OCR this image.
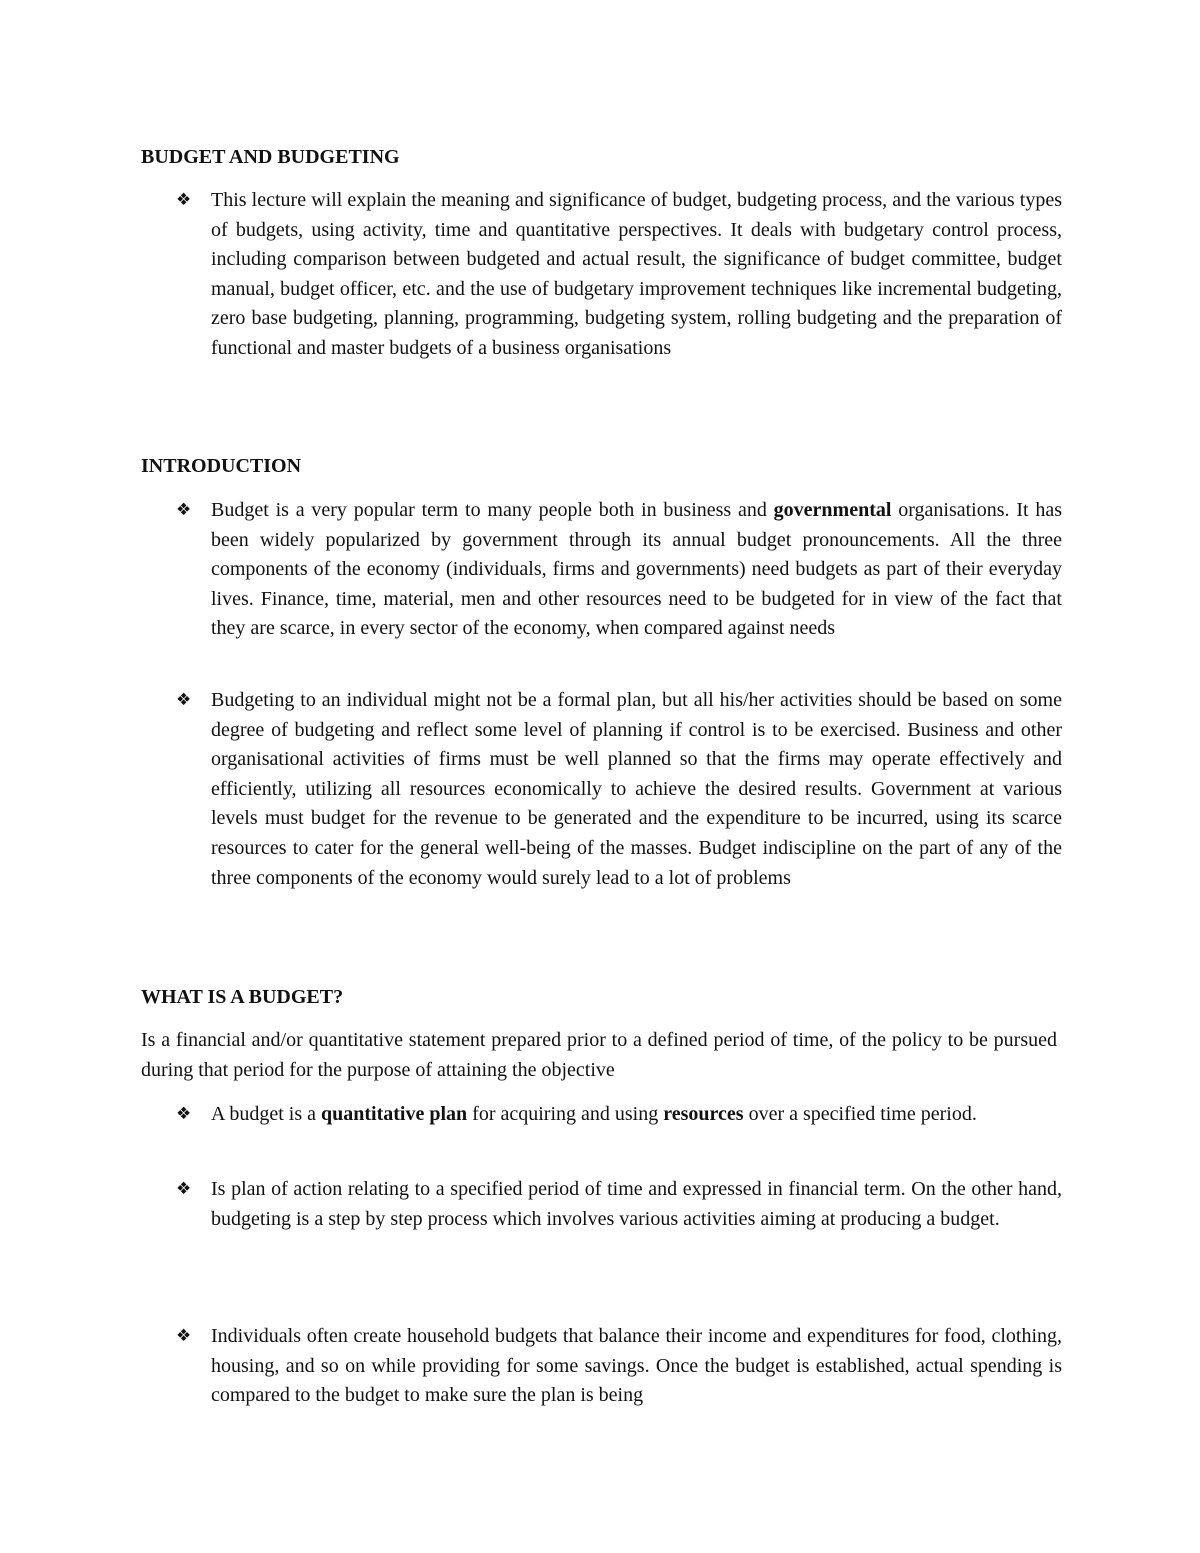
BUDGET AND BUDGETING
❖ This lecture will explain the meaning and significance of budget, budgeting process, and the various types of budgets, using activity, time and quantitative perspectives. It deals with budgetary control process, including comparison between budgeted and actual result, the significance of budget committee, budget manual, budget officer, etc. and the use of budgetary improvement techniques like incremental budgeting, zero base budgeting, planning, programming, budgeting system, rolling budgeting and the preparation of functional and master budgets of a business organisations
INTRODUCTION
❖ Budget is a very popular term to many people both in business and governmental organisations. It has been widely popularized by government through its annual budget pronouncements. All the three components of the economy (individuals, firms and governments) need budgets as part of their everyday lives. Finance, time, material, men and other resources need to be budgeted for in view of the fact that they are scarce, in every sector of the economy, when compared against needs
❖ Budgeting to an individual might not be a formal plan, but all his/her activities should be based on some degree of budgeting and reflect some level of planning if control is to be exercised. Business and other organisational activities of firms must be well planned so that the firms may operate effectively and efficiently, utilizing all resources economically to achieve the desired results. Government at various levels must budget for the revenue to be generated and the expenditure to be incurred, using its scarce resources to cater for the general well-being of the masses. Budget indiscipline on the part of any of the three components of the economy would surely lead to a lot of problems
WHAT IS A BUDGET?

Is a financial and/or quantitative statement prepared prior to a defined period of time, of the policy to be pursued during that period for the purpose of attaining the objective

❖ A budget is a quantitative plan for acquiring and using resources over a specified time period.
❖ Is plan of action relating to a specified period of time and expressed in financial term. On the other hand, budgeting is a step by step process which involves various activities aiming at producing a budget.
❖ Individuals often create household budgets that balance their income and expenditures for food, clothing, housing, and so on while providing for some savings. Once the budget is established, actual spending is compared to the budget to make sure the plan is being
